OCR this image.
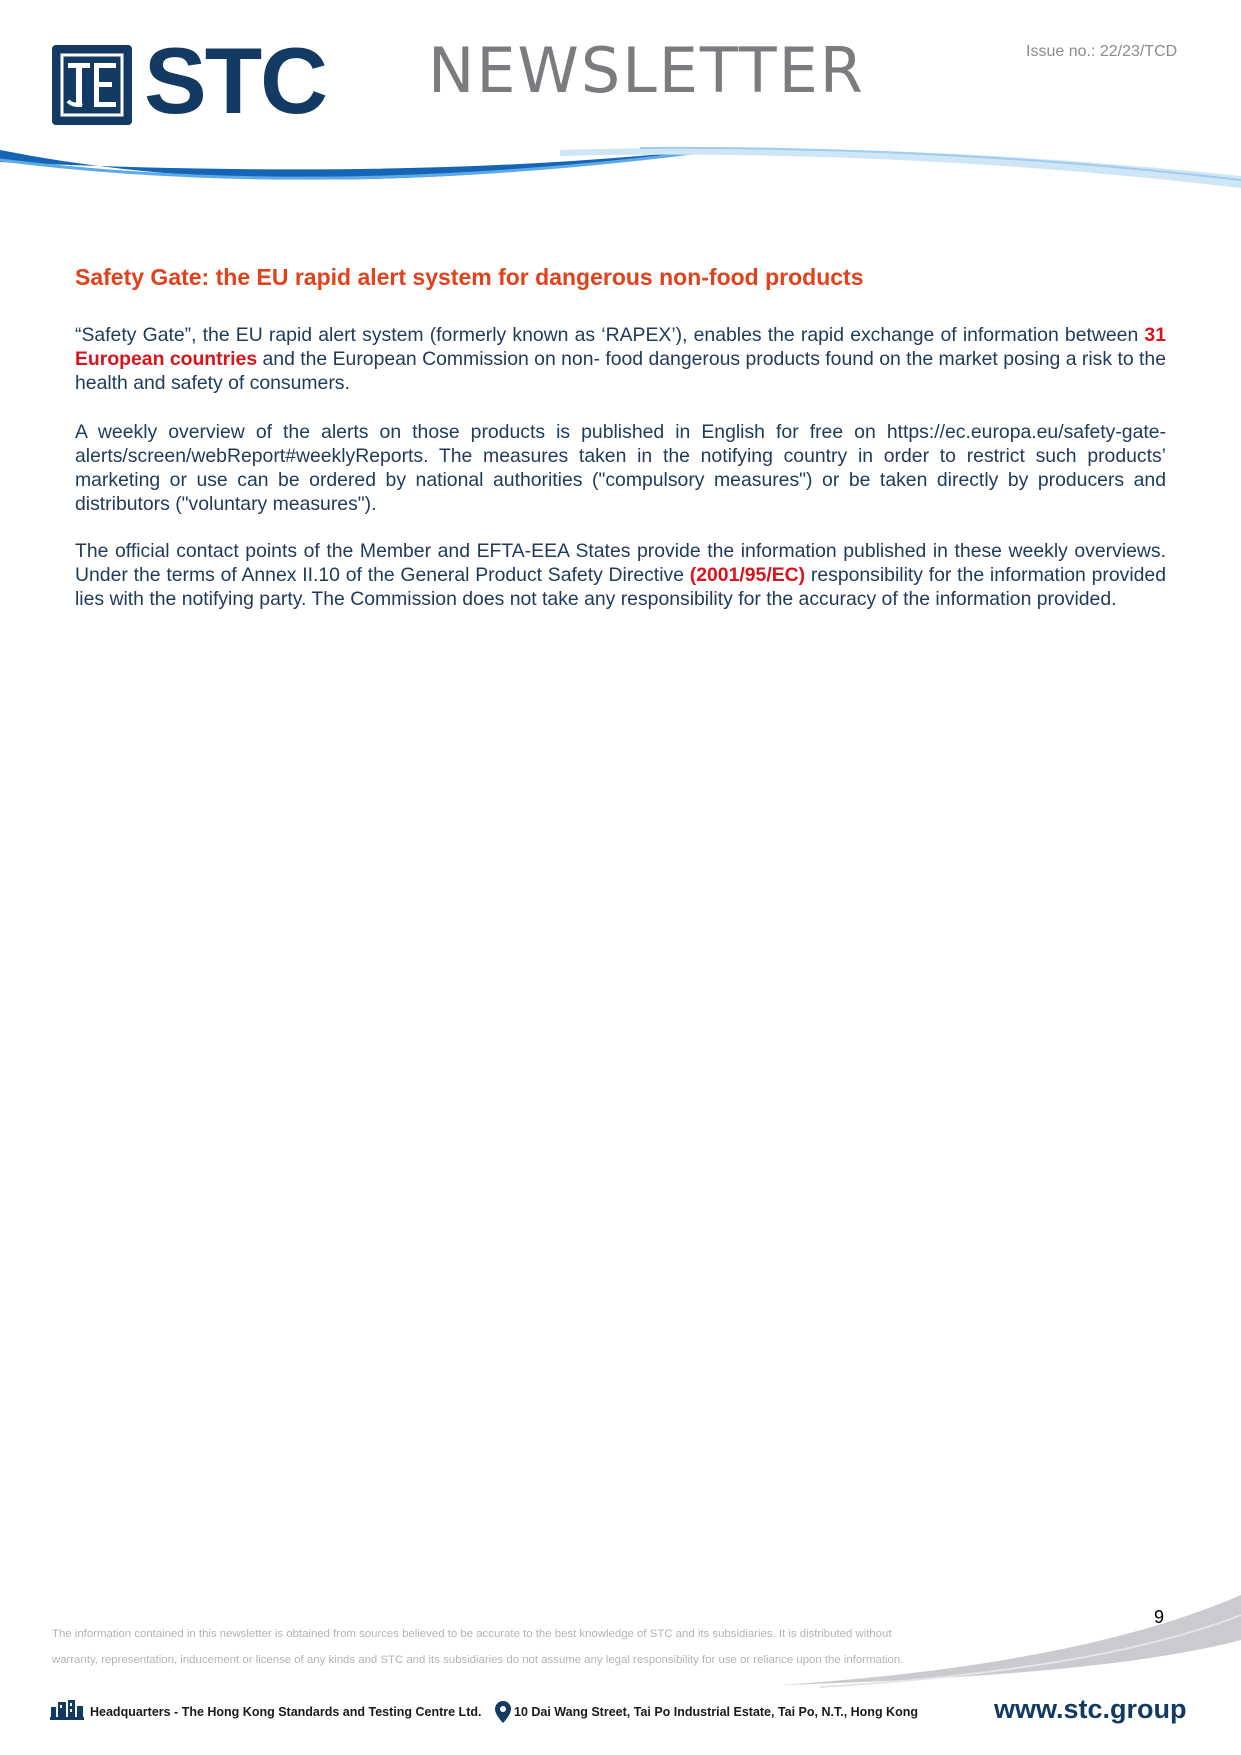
STC NEWSLETTER	Issue no.: 22/23/TCD
Safety Gate: the EU rapid alert system for dangerous non-food products
“Safety Gate”, the EU rapid alert system (formerly known as ‘RAPEX’), enables the rapid exchange of information between 31 European countries and the European Commission on non- food dangerous products found on the market posing a risk to the health and safety of consumers.
A weekly overview of the alerts on those products is published in English for free on https://ec.europa.eu/safety-gate-alerts/screen/webReport#weeklyReports. The measures taken in the notifying country in order to restrict such products’ marketing or use can be ordered by national authorities ("compulsory measures") or be taken directly by producers and distributors ("voluntary measures").
The official contact points of the Member and EFTA-EEA States provide the information published in these weekly overviews. Under the terms of Annex II.10 of the General Product Safety Directive (2001/95/EC) responsibility for the information provided lies with the notifying party. The Commission does not take any responsibility for the accuracy of the information provided.
9
The information contained in this newsletter is obtained from sources believed to be accurate to the best knowledge of STC and its subsidiaries. It is distributed without
warranty, representation, inducement or license of any kinds and STC and its subsidiaries do not assume any legal responsibility for use or reliance upon the information.
Headquarters - The Hong Kong Standards and Testing Centre Ltd.	10 Dai Wang Street, Tai Po Industrial Estate, Tai Po, N.T., Hong Kong	www.stc.group
